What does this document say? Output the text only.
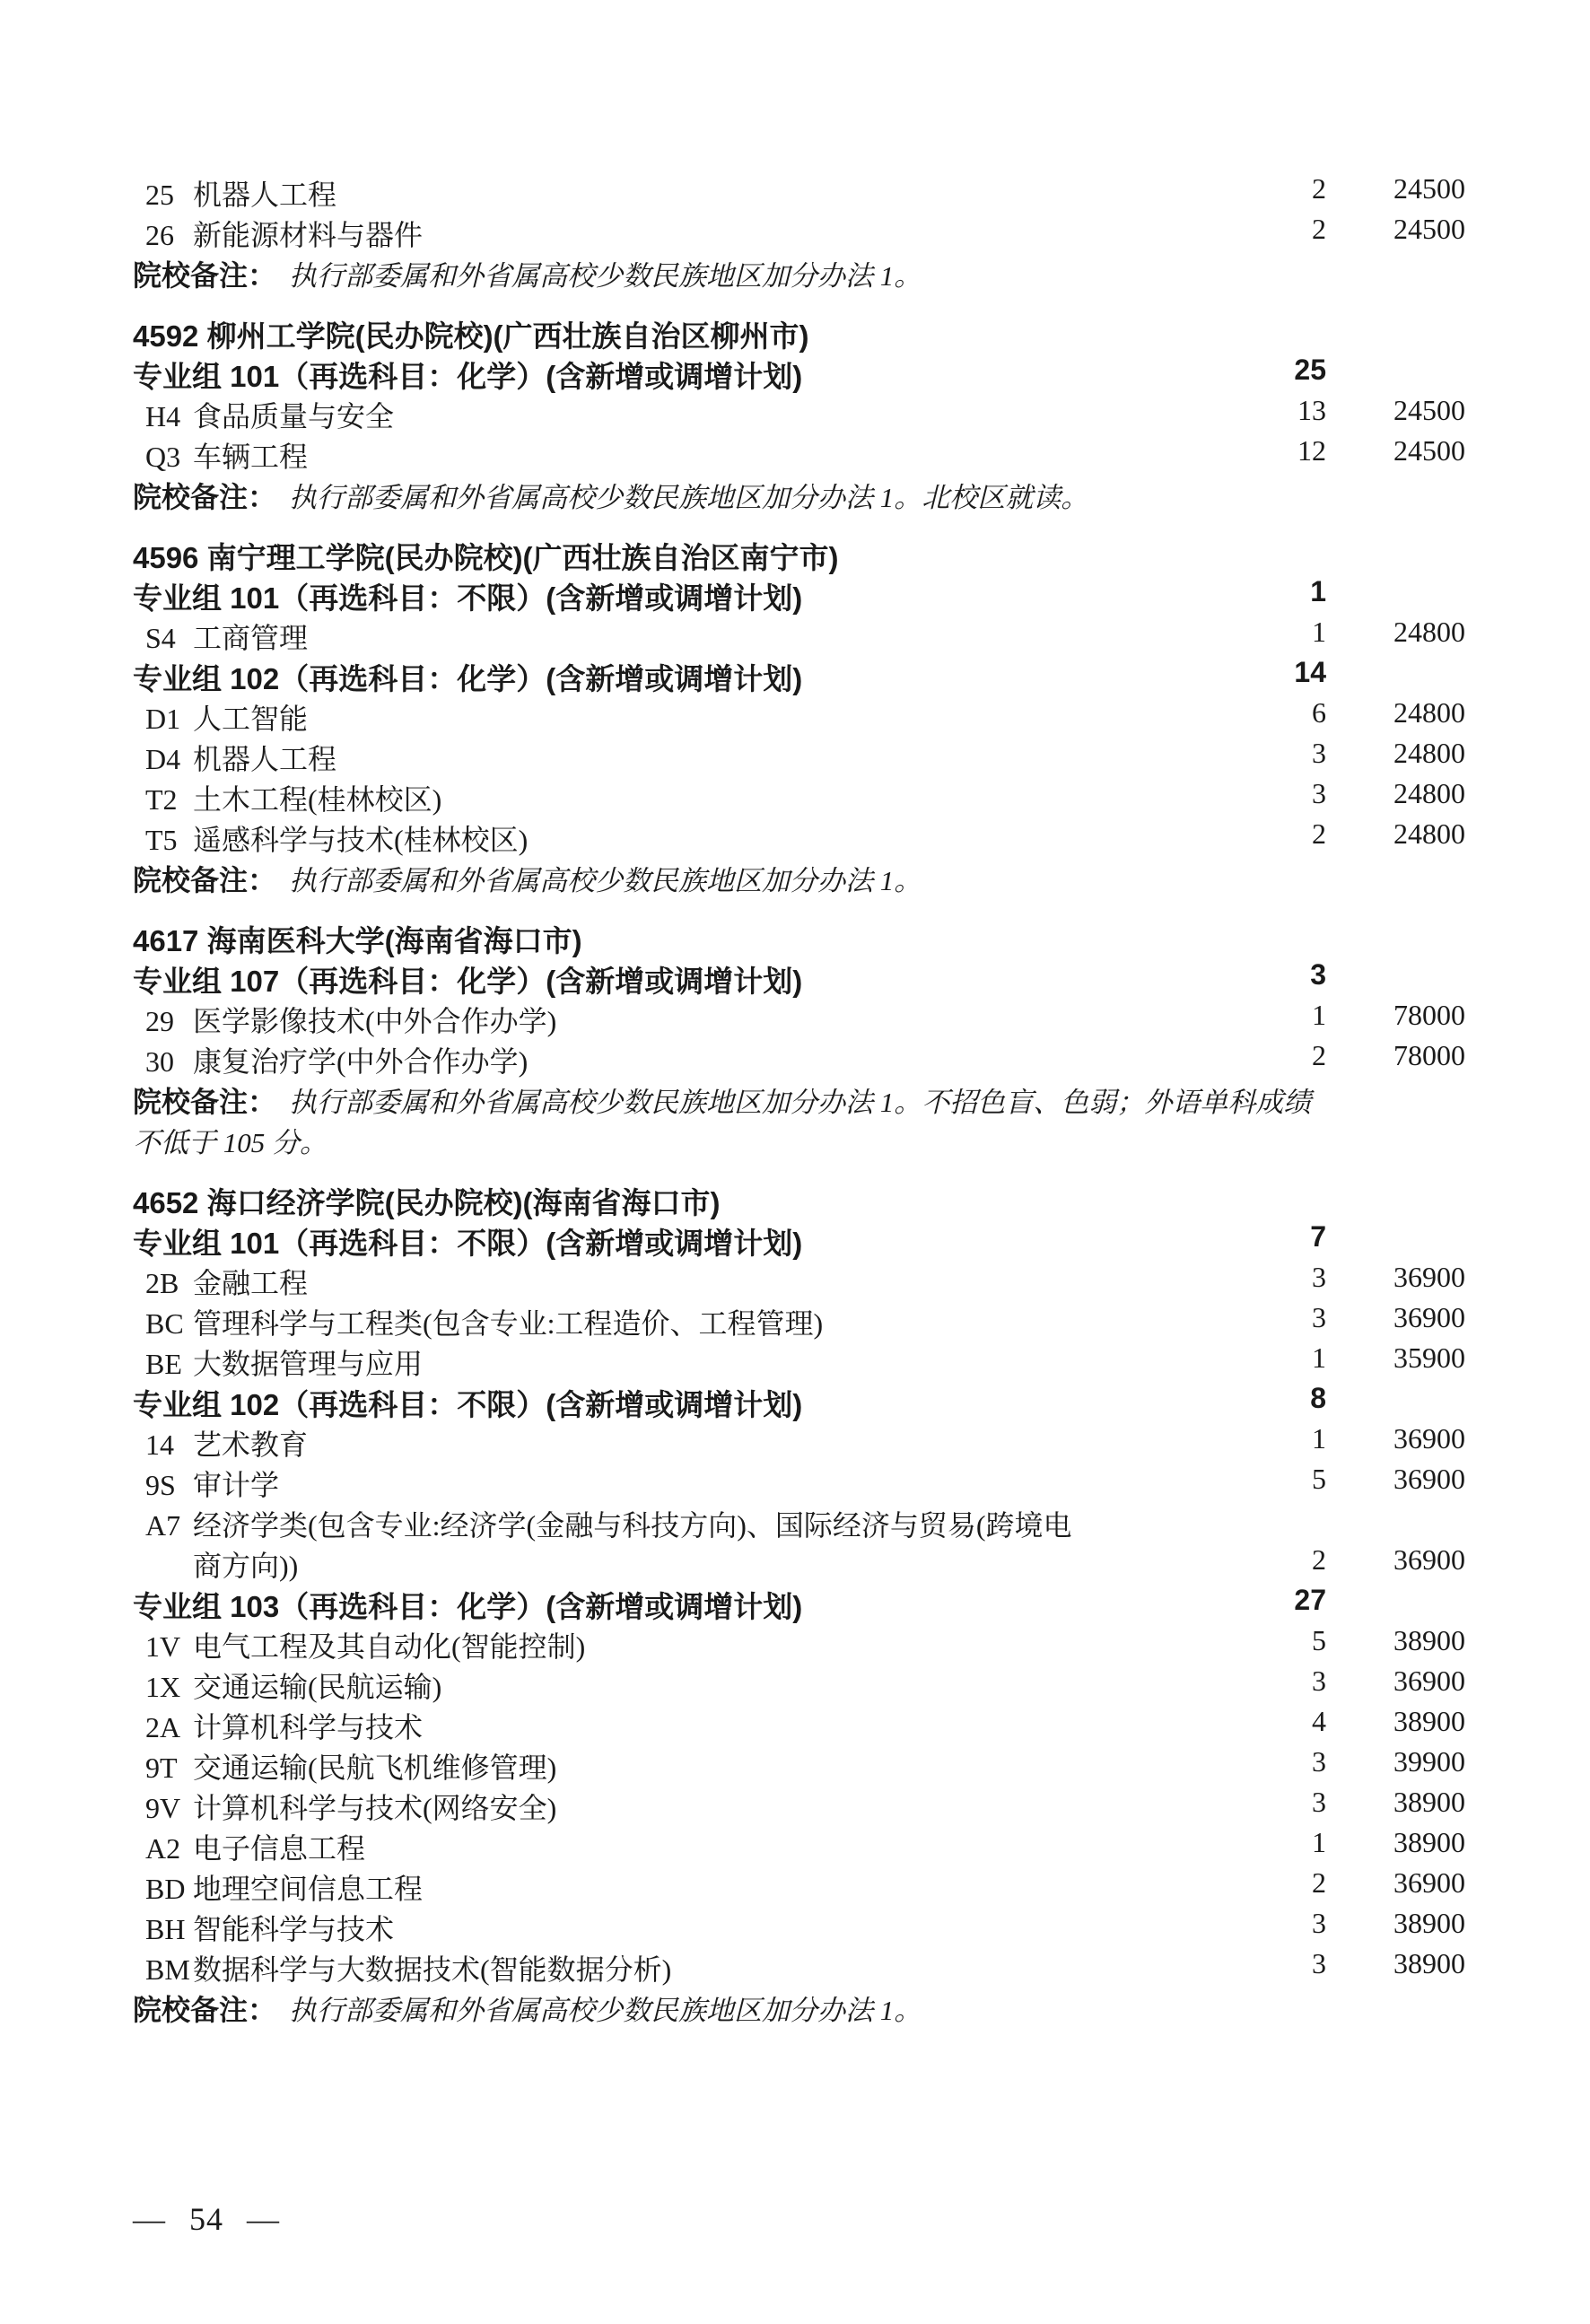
25 机器人工程	2	24500
26 新能源材料与器件	2	24500
院校备注： 执行部委属和外省属高校少数民族地区加分办法 1。
4592 柳州工学院(民办院校)(广西壮族自治区柳州市)
专业组 101（再选科目：化学）(含新增或调增计划)	25
H4 食品质量与安全	13	24500
Q3 车辆工程	12	24500
院校备注： 执行部委属和外省属高校少数民族地区加分办法 1。北校区就读。
4596 南宁理工学院(民办院校)(广西壮族自治区南宁市)
专业组 101（再选科目：不限）(含新增或调增计划)	1
S4 工商管理	1	24800
专业组 102（再选科目：化学）(含新增或调增计划)	14
D1 人工智能	6	24800
D4 机器人工程	3	24800
T2 土木工程(桂林校区)	3	24800
T5 遥感科学与技术(桂林校区)	2	24800
院校备注： 执行部委属和外省属高校少数民族地区加分办法 1。
4617 海南医科大学(海南省海口市)
专业组 107（再选科目：化学）(含新增或调增计划)	3
29 医学影像技术(中外合作办学)	1	78000
30 康复治疗学(中外合作办学)	2	78000
院校备注： 执行部委属和外省属高校少数民族地区加分办法 1。不招色盲、色弱；外语单科成绩
不低于 105 分。
4652 海口经济学院(民办院校)(海南省海口市)
专业组 101（再选科目：不限）(含新增或调增计划)	7
2B 金融工程	3	36900
BC 管理科学与工程类(包含专业:工程造价、工程管理)	3	36900
BE 大数据管理与应用	1	35900
专业组 102（再选科目：不限）(含新增或调增计划)	8
14 艺术教育	1	36900
9S 审计学	5	36900
A7 经济学类(包含专业:经济学(金融与科技方向)、国际经济与贸易(跨境电
商方向))	2	36900
专业组 103（再选科目：化学）(含新增或调增计划)	27
1V 电气工程及其自动化(智能控制)	5	38900
1X 交通运输(民航运输)	3	36900
2A 计算机科学与技术	4	38900
9T 交通运输(民航飞机维修管理)	3	39900
9V 计算机科学与技术(网络安全)	3	38900
A2 电子信息工程	1	38900
BD 地理空间信息工程	2	36900
BH 智能科学与技术	3	38900
BM 数据科学与大数据技术(智能数据分析)	3	38900
院校备注： 执行部委属和外省属高校少数民族地区加分办法 1。
— 54 —
